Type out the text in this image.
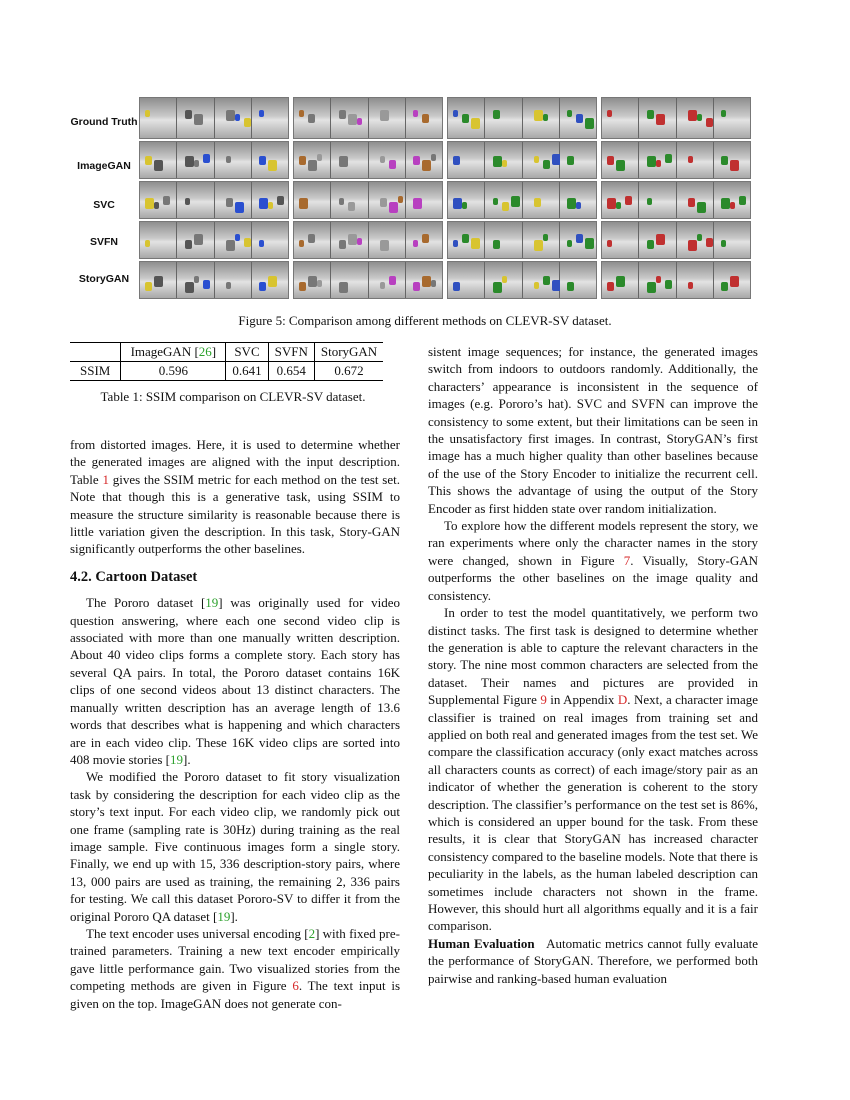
Ground Truth
ImageGAN
SVC
SVFN
StoryGAN
Figure 5: Comparison among different methods on CLEVR-SV dataset.
	ImageGAN [26]	SVC	SVFN	StoryGAN
SSIM	0.596	0.641	0.654	0.672
Table 1: SSIM comparison on CLEVR-SV dataset.

from distorted images. Here, it is used to determine whether the generated images are aligned with the input description. Table 1 gives the SSIM metric for each method on the test set. Note that though this is a generative task, using SSIM to measure the structure similarity is reasonable because there is little variation given the description. In this task, Story-GAN significantly outperforms the other baselines.

4.2. Cartoon Dataset

The Pororo dataset [19] was originally used for video question answering, where each one second video clip is associated with more than one manually written description. About 40 video clips forms a complete story. Each story has several QA pairs. In total, the Pororo dataset contains 16K clips of one second videos about 13 distinct characters. The manually written description has an average length of 13.6 words that describes what is happening and which characters are in each video clip. These 16K video clips are sorted into 408 movie stories [19].

We modified the Pororo dataset to fit story visualization task by considering the description for each video clip as the story’s text input. For each video clip, we randomly pick out one frame (sampling rate is 30Hz) during training as the real image sample. Five continuous images form a single story. Finally, we end up with 15, 336 description-story pairs, where 13, 000 pairs are used as training, the remaining 2, 336 pairs for testing. We call this dataset Pororo-SV to differ it from the original Pororo QA dataset [19].

The text encoder uses universal encoding [2] with fixed pre-trained parameters. Training a new text encoder empirically gave little performance gain. Two visualized stories from the competing methods are given in Figure 6. The text input is given on the top. ImageGAN does not generate con-

sistent image sequences; for instance, the generated images switch from indoors to outdoors randomly. Additionally, the characters’ appearance is inconsistent in the sequence of images (e.g. Pororo’s hat). SVC and SVFN can improve the consistency to some extent, but their limitations can be seen in the unsatisfactory first images. In contrast, StoryGAN’s first image has a much higher quality than other baselines because of the use of the Story Encoder to initialize the recurrent cell. This shows the advantage of using the output of the Story Encoder as first hidden state over random initialization.

To explore how the different models represent the story, we ran experiments where only the character names in the story were changed, shown in Figure 7. Visually, Story-GAN outperforms the other baselines on the image quality and consistency.

In order to test the model quantitatively, we perform two distinct tasks. The first task is designed to determine whether the generation is able to capture the relevant characters in the story. The nine most common characters are selected from the dataset. Their names and pictures are provided in Supplemental Figure 9 in Appendix D. Next, a character image classifier is trained on real images from training set and applied on both real and generated images from the test set. We compare the classification accuracy (only exact matches across all characters counts as correct) of each image/story pair as an indicator of whether the generation is coherent to the story description. The classifier’s performance on the test set is 86%, which is considered an upper bound for the task. From these results, it is clear that StoryGAN has increased character consistency compared to the baseline models. Note that there is peculiarity in the labels, as the human labeled description can sometimes include characters not shown in the frame. However, this should hurt all algorithms equally and it is a fair comparison.

Human Evaluation Automatic metrics cannot fully evaluate the performance of StoryGAN. Therefore, we performed both pairwise and ranking-based human evaluation
